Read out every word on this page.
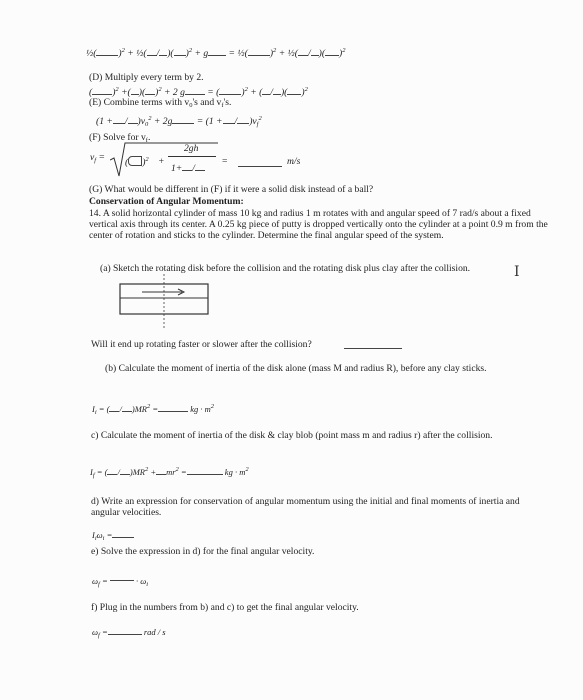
½( )$^2$ + ½( / )( )$^2$ + g = ½( )$^2$ + ½( / )( )$^2$
(D) Multiply every term by 2.
( )$^2$ +( )( )$^2$ + 2 g = ( )$^2$ + ( / )( )$^2$
(E) Combine terms with $v_0's$ and $v_f's$.
(1 + / )$v_0^2 + 2g$	= (1 + / )$v_f^2$
(F) Solve for $v_f$.
$v_f$ = ( )$^2$ +
2gh
1+ /
=	m/s
(G) What would be different in (F) if it were a solid disk instead of a ball?
Conservation of Angular Momentum:
14. A solid horizontal cylinder of mass 10 kg and radius 1 m rotates with and angular speed of 7 rad/s about a fixed vertical axis through its center. A 0.25 kg piece of putty is dropped vertically onto the cylinder at a point 0.9 m from the center of rotation and sticks to the cylinder. Determine the final angular speed of the system.
(a) Sketch the rotating disk before the collision and the rotating disk plus clay after the collision.	I
Will it end up rotating faster or slower after the collision?
(b) Calculate the moment of inertia of the disk alone (mass M and radius R), before any clay sticks.
$I_i$ = ( / )$MR^2$ =	kg · $m^2$
c) Calculate the moment of inertia of the disk & clay blob (point mass m and radius r) after the collision.
$I_f$ = ( / )$MR^2 + mr^2$ =	kg · $m^2$
d) Write an expression for conservation of angular momentum using the initial and final moments of inertia and angular velocities.
$I_i\omega_i$ =
e) Solve the expression in d) for the final angular velocity.
$\omega_f$ =	· $\omega_i$
f) Plug in the numbers from b) and c) to get the final angular velocity.
$\omega_f$ =	rad / s
